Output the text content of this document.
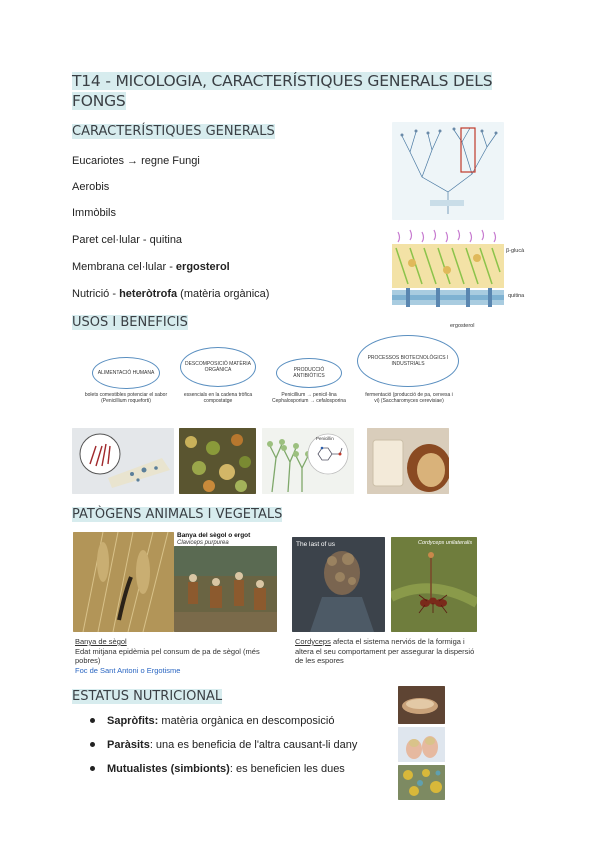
T14 - MICOLOGIA, CARACTERÍSTIQUES GENERALS DELS
FONGS
CARACTERÍSTIQUES GENERALS
Eucariotes → regne Fungi
Aerobis
Immòbils
Paret cel·lular - quitina
Membrana cel·lular - ergosterol
Nutrició - heteròtrofa (matèria orgànica)
β-glucà
quitina
ergosterol
USOS I BENEFICIS
ALIMENTACIÓ HUMANA
DESCOMPOSICIÓ MATÈRIA ORGÀNICA	PRODUCCIÓ ANTIBIÒTICS
PROCESSOS BIOTECNOLÒGICS I INDUSTRIALS
bolets comestibles potenciar el sabor (Penicillium roqueforti)
essencials en la cadena tròfica compostatge
Penicillium → penicil·lina Cephalosporium → cefalosporina
fermentació (producció de pa, cervesa i vi) (Saccharomyces cerevisiae)
Penicillin
PATÒGENS ANIMALS I VEGETALS
Banya del sègol o ergot
Claviceps purpurea	The last of us	Cordyceps unilateralis
Banya de sègol
Edat mitjana epidèmia pel consum de pa de sègol (més pobres)
Foc de Sant Antoni o Ergotisme
Cordyceps afecta el sistema nerviós de la formiga i altera el seu comportament per assegurar la dispersió de les espores
ESTATUS NUTRICIONAL
Sapròfits: matèria orgànica en descomposició
Paràsits: una es beneficia de l'altra causant-li dany
Mutualistes (simbionts): es beneficien les dues
